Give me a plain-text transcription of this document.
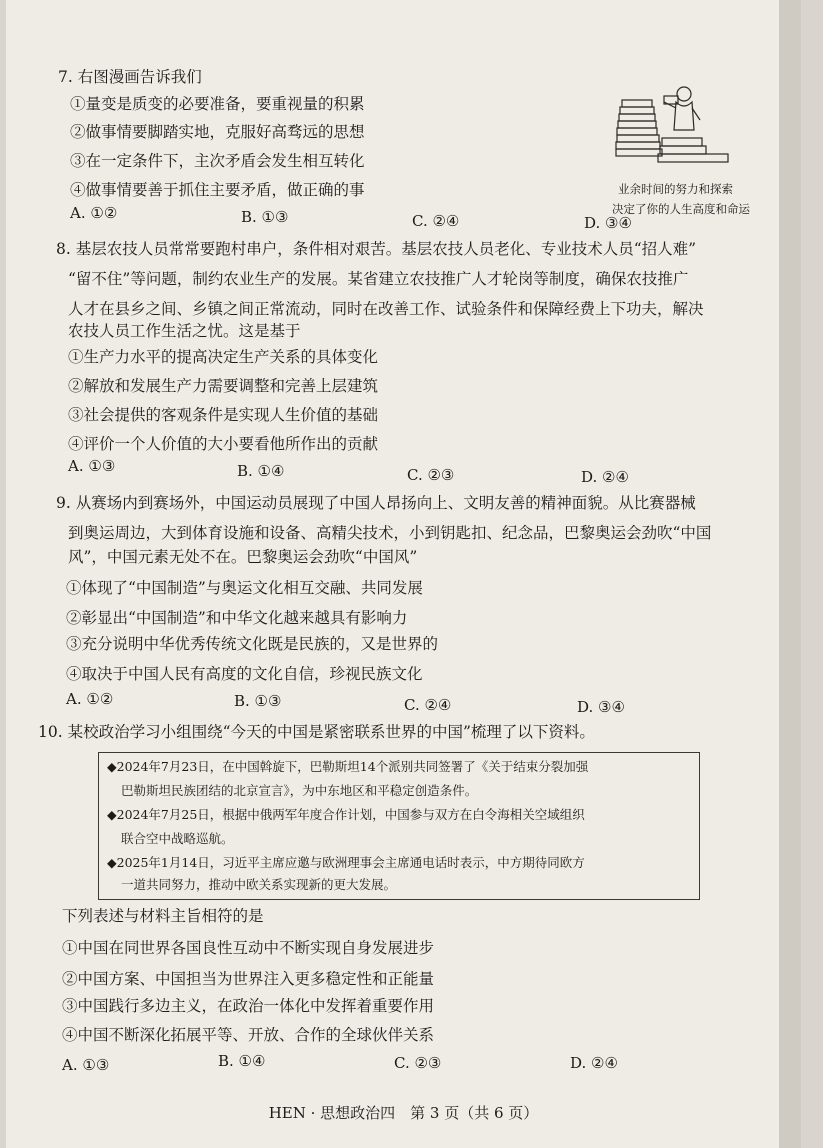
7. 右图漫画告诉我们
①量变是质变的必要准备，要重视量的积累
②做事情要脚踏实地，克服好高骛远的思想
③在一定条件下，主次矛盾会发生相互转化
④做事情要善于抓住主要矛盾，做正确的事
A. ①②	B. ①③	C. ②④	D. ③④
业余时间的努力和探索
决定了你的人生高度和命运
8. 基层农技人员常常要跑村串户，条件相对艰苦。基层农技人员老化、专业技术人员“招人难”
“留不住”等问题，制约农业生产的发展。某省建立农技推广人才轮岗等制度，确保农技推广
人才在县乡之间、乡镇之间正常流动，同时在改善工作、试验条件和保障经费上下功夫，解决
农技人员工作生活之忧。这是基于
①生产力水平的提高决定生产关系的具体变化
②解放和发展生产力需要调整和完善上层建筑
③社会提供的客观条件是实现人生价值的基础
④评价一个人价值的大小要看他所作出的贡献
A. ①③	B. ①④	C. ②③	D. ②④
9. 从赛场内到赛场外，中国运动员展现了中国人昂扬向上、文明友善的精神面貌。从比赛器械
到奥运周边，大到体育设施和设备、高精尖技术，小到钥匙扣、纪念品，巴黎奥运会劲吹“中国
风”，中国元素无处不在。巴黎奥运会劲吹“中国风”
①体现了“中国制造”与奥运文化相互交融、共同发展
②彰显出“中国制造”和中华文化越来越具有影响力
③充分说明中华优秀传统文化既是民族的，又是世界的
④取决于中国人民有高度的文化自信，珍视民族文化
A. ①②	B. ①③	C. ②④	D. ③④
10. 某校政治学习小组围绕“今天的中国是紧密联系世界的中国”梳理了以下资料。
◆2024年7月23日，在中国斡旋下，巴勒斯坦14个派别共同签署了《关于结束分裂加强
巴勒斯坦民族团结的北京宣言》，为中东地区和平稳定创造条件。
◆2024年7月25日，根据中俄两军年度合作计划，中国参与双方在白令海相关空域组织
联合空中战略巡航。
◆2025年1月14日，习近平主席应邀与欧洲理事会主席通电话时表示，中方期待同欧方
一道共同努力，推动中欧关系实现新的更大发展。
下列表述与材料主旨相符的是
①中国在同世界各国良性互动中不断实现自身发展进步
②中国方案、中国担当为世界注入更多稳定性和正能量
③中国践行多边主义，在政治一体化中发挥着重要作用
④中国不断深化拓展平等、开放、合作的全球伙伴关系
A. ①③	B. ①④	C. ②③	D. ②④
HEN · 思想政治四　第 3 页（共 6 页）
